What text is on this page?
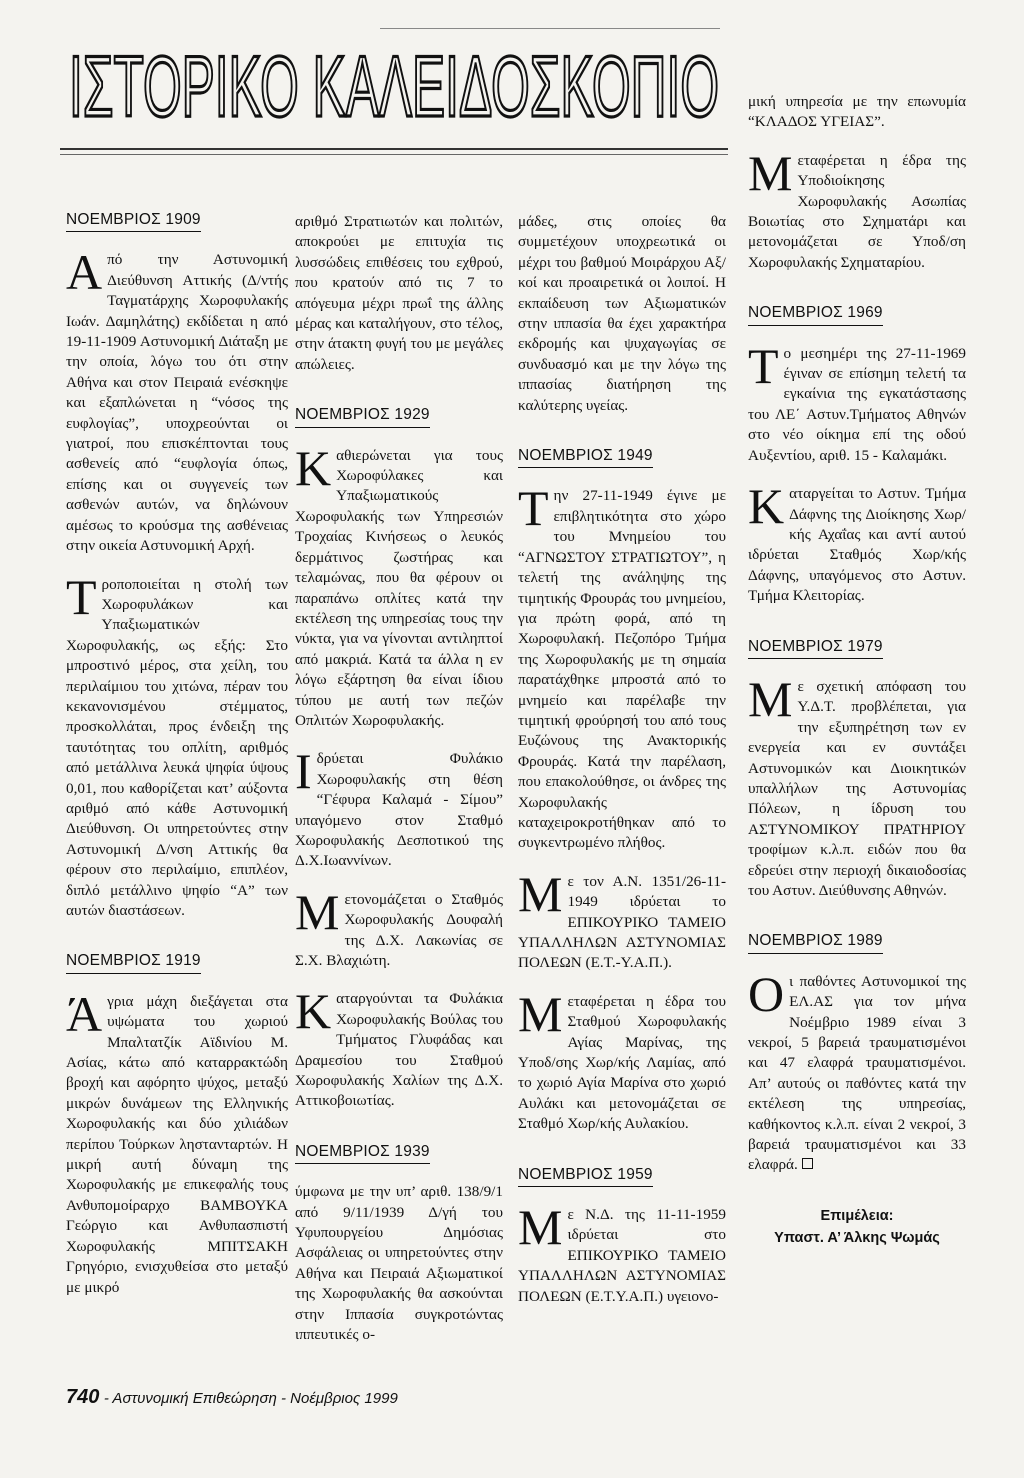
ΙΣΤΟΡΙΚΟ ΚΑΛΕΙΔΟΣΚΟΠΙΟ
ΝΟΕΜΒΡΙΟΣ 1909

Από την Αστυνομική Διεύθυνση Αττικής (Δ/ντής Ταγματάρχης Χωροφυλακής Ιωάν. Δαμηλάτης) εκδίδεται η από 19-11-1909 Αστυνομική Διάταξη με την οποία, λόγω του ότι στην Αθήνα και στον Πειραιά ενέσκηψε και εξαπλώνεται η “νόσος της ευφλογίας”, υποχρεούνται οι γιατροί, που επισκέπτονται τους ασθενείς από “ευφλογία όπως, επίσης και οι συγγενείς των ασθενών αυτών, να δηλώνουν αμέσως το κρούσμα της ασθένειας στην οικεία Αστυνομική Αρχή.

Τροποποιείται η στολή των Χωροφυλάκων και Υπαξιωματικών Χωροφυλακής, ως εξής: Στο μπροστινό μέρος, στα χείλη, του περιλαίμιου του χιτώνα, πέραν του κεκανονισμένου στέμματος, προσκολλάται, προς ένδειξη της ταυτότητας του οπλίτη, αριθμός από μετάλλινα λευκά ψηφία ύψους 0,01, που καθορίζεται κατ’ αύξοντα αριθμό από κάθε Αστυνομική Διεύθυνση. Οι υπηρετούντες στην Αστυνομική Δ/νση Αττικής θα φέρουν στο περιλαίμιο, επιπλέον, διπλό μετάλλινο ψηφίο “Α” των αυτών διαστάσεων.

ΝΟΕΜΒΡΙΟΣ 1919

Άγρια μάχη διεξάγεται στα υψώματα του χωριού Μπαλτατζίκ Αϊδινίου Μ. Ασίας, κάτω από καταρρακτώδη βροχή και αφόρητο ψύχος, μεταξύ μικρών δυνάμεων της Ελληνικής Χωροφυλακής και δύο χιλιάδων περίπου Τούρκων ληστανταρτών. Η μικρή αυτή δύναμη της Χωροφυλακής με επικεφαλής τους Ανθυπομοίραρχο ΒΑΜΒΟΥΚΑ Γεώργιο και Ανθυπασπιστή Χωροφυλακής ΜΠΙΤΣΑΚΗ Γρηγόριο, ενισχυθείσα στο μεταξύ με μικρό

αριθμό Στρατιωτών και πολιτών, αποκρούει με επιτυχία τις λυσσώδεις επιθέσεις του εχθρού, που κρατούν από τις 7 το απόγευμα μέχρι πρωΐ της άλλης μέρας και καταλήγουν, στο τέλος, στην άτακτη φυγή του με μεγάλες απώλειες.

ΝΟΕΜΒΡΙΟΣ 1929

Καθιερώνεται για τους Χωροφύλακες και Υπαξιωματικούς Χωροφυλακής των Υπηρεσιών Τροχαίας Κινήσεως ο λευκός δερμάτινος ζωστήρας και τελαμώνας, που θα φέρουν οι παραπάνω οπλίτες κατά την εκτέλεση της υπηρεσίας τους την νύκτα, για να γίνονται αντιληπτοί από μακριά. Κατά τα άλλα η εν λόγω εξάρτηση θα είναι ίδιου τύπου με αυτή των πεζών Οπλιτών Χωροφυλακής.

Ιδρύεται Φυλάκιο Χωροφυλακής στη θέση “Γέφυρα Καλαμά - Σίμου” υπαγόμενο στον Σταθμό Χωροφυλακής Δεσποτικού της Δ.Χ.Ιωαννίνων.

Μετονομάζεται ο Σταθμός Χωροφυλακής Δουφαλή της Δ.Χ. Λακωνίας σε Σ.Χ. Βλαχιώτη.

Καταργούνται τα Φυλάκια Χωροφυλακής Βούλας του Τμήματος Γλυφάδας και Δραμεσίου του Σταθμού Χωροφυλακής Χαλίων της Δ.Χ. Αττικοβοιωτίας.

ΝΟΕΜΒΡΙΟΣ 1939

ύμφωνα με την υπ’ αριθ. 138/9/1 από 9/11/1939 Δ/γή του Υφυπουργείου Δημόσιας Ασφάλειας οι υπηρετούντες στην Αθήνα και Πειραιά Αξιωματικοί της Χωροφυλακής θα ασκούνται στην Ιππασία συγκροτώντας ιππευτικές ο-

μάδες, στις οποίες θα συμμετέχουν υποχρεωτικά οι μέχρι του βαθμού Μοιράρχου Αξ/κοί και προαιρετικά οι λοιποί. Η εκπαίδευση των Αξιωματικών στην ιππασία θα έχει χαρακτήρα εκδρομής και ψυχαγωγίας σε συνδυασμό και με την λόγω της ιππασίας διατήρηση της καλύτερης υγείας.

ΝΟΕΜΒΡΙΟΣ 1949

Την 27-11-1949 έγινε με επιβλητικότητα στο χώρο του Μνημείου του “ΑΓΝΩΣΤΟΥ ΣΤΡΑΤΙΩΤΟΥ”, η τελετή της ανάληψης της τιμητικής Φρουράς του μνημείου, για πρώτη φορά, από τη Χωροφυλακή. Πεζοπόρο Τμήμα της Χωροφυλακής με τη σημαία παρατάχθηκε μπροστά από το μνημείο και παρέλαβε την τιμητική φρούρησή του από τους Ευζώνους της Ανακτορικής Φρουράς. Κατά την παρέλαση, που επακολούθησε, οι άνδρες της Χωροφυλακής καταχειροκροτήθηκαν από το συγκεντρωμένο πλήθος.

Με τον Α.Ν. 1351/26-11-1949 ιδρύεται το ΕΠΙΚΟΥΡΙΚΟ ΤΑΜΕΙΟ ΥΠΑΛΛΗΛΩΝ ΑΣΤΥΝΟΜΙΑΣ ΠΟΛΕΩΝ (Ε.Τ.-Υ.Α.Π.).

Μεταφέρεται η έδρα του Σταθμού Χωροφυλακής Αγίας Μαρίνας, της Υποδ/σης Χωρ/κής Λαμίας, από το χωριό Αγία Μαρίνα στο χωριό Αυλάκι και μετονομάζεται σε Σταθμό Χωρ/κής Αυλακίου.

ΝΟΕΜΒΡΙΟΣ 1959

Με Ν.Δ. της 11-11-1959 ιδρύεται στο ΕΠΙΚΟΥΡΙΚΟ ΤΑΜΕΙΟ ΥΠΑΛΛΗΛΩΝ ΑΣΤΥΝΟΜΙΑΣ ΠΟΛΕΩΝ (Ε.Τ.Υ.Α.Π.) υγειονο-

μική υπηρεσία με την επωνυμία “ΚΛΑΔΟΣ ΥΓΕΙΑΣ”.

Μεταφέρεται η έδρα της Υποδιοίκησης Χωροφυλακής Ασωπίας Βοιωτίας στο Σχηματάρι και μετονομάζεται σε Υποδ/ση Χωροφυλακής Σχηματαρίου.

ΝΟΕΜΒΡΙΟΣ 1969

Το μεσημέρι της 27-11-1969 έγιναν σε επίσημη τελετή τα εγκαίνια της εγκατάστασης του ΛΕ΄ Αστυν.Τμήματος Αθηνών στο νέο οίκημα επί της οδού Αυξεντίου, αριθ. 15 - Καλαμάκι.

Καταργείται το Αστυν. Τμήμα Δάφνης της Διοίκησης Χωρ/κής Αχαΐας και αντί αυτού ιδρύεται Σταθμός Χωρ/κής Δάφνης, υπαγόμενος στο Αστυν. Τμήμα Κλειτορίας.

ΝΟΕΜΒΡΙΟΣ 1979

Με σχετική απόφαση του Υ.Δ.Τ. προβλέπεται, για την εξυπηρέτηση των εν ενεργεία και εν συντάξει Αστυνομικών και Διοικητικών υπαλλήλων της Αστυνομίας Πόλεων, η ίδρυση του ΑΣΤΥΝΟΜΙΚΟΥ ΠΡΑΤΗΡΙΟΥ τροφίμων κ.λ.π. ειδών που θα εδρεύει στην περιοχή δικαιοδοσίας του Αστυν. Διεύθυνσης Αθηνών.

ΝΟΕΜΒΡΙΟΣ 1989

Οι παθόντες Αστυνομικοί της ΕΛ.ΑΣ για τον μήνα Νοέμβριο 1989 είναι 3 νεκροί, 5 βαρειά τραυματισμένοι και 47 ελαφρά τραυματισμένοι. Απ’ αυτούς οι παθόντες κατά την εκτέλεση της υπηρεσίας, καθήκοντος κ.λ.π. είναι 2 νεκροί, 3 βαρειά τραυματισμένοι και 33 ελαφρά.

Επιμέλεια:
Υπαστ. Α’ Άλκης Ψωμάς
740 - Αστυνομική Επιθεώρηση - Νοέμβριος 1999
